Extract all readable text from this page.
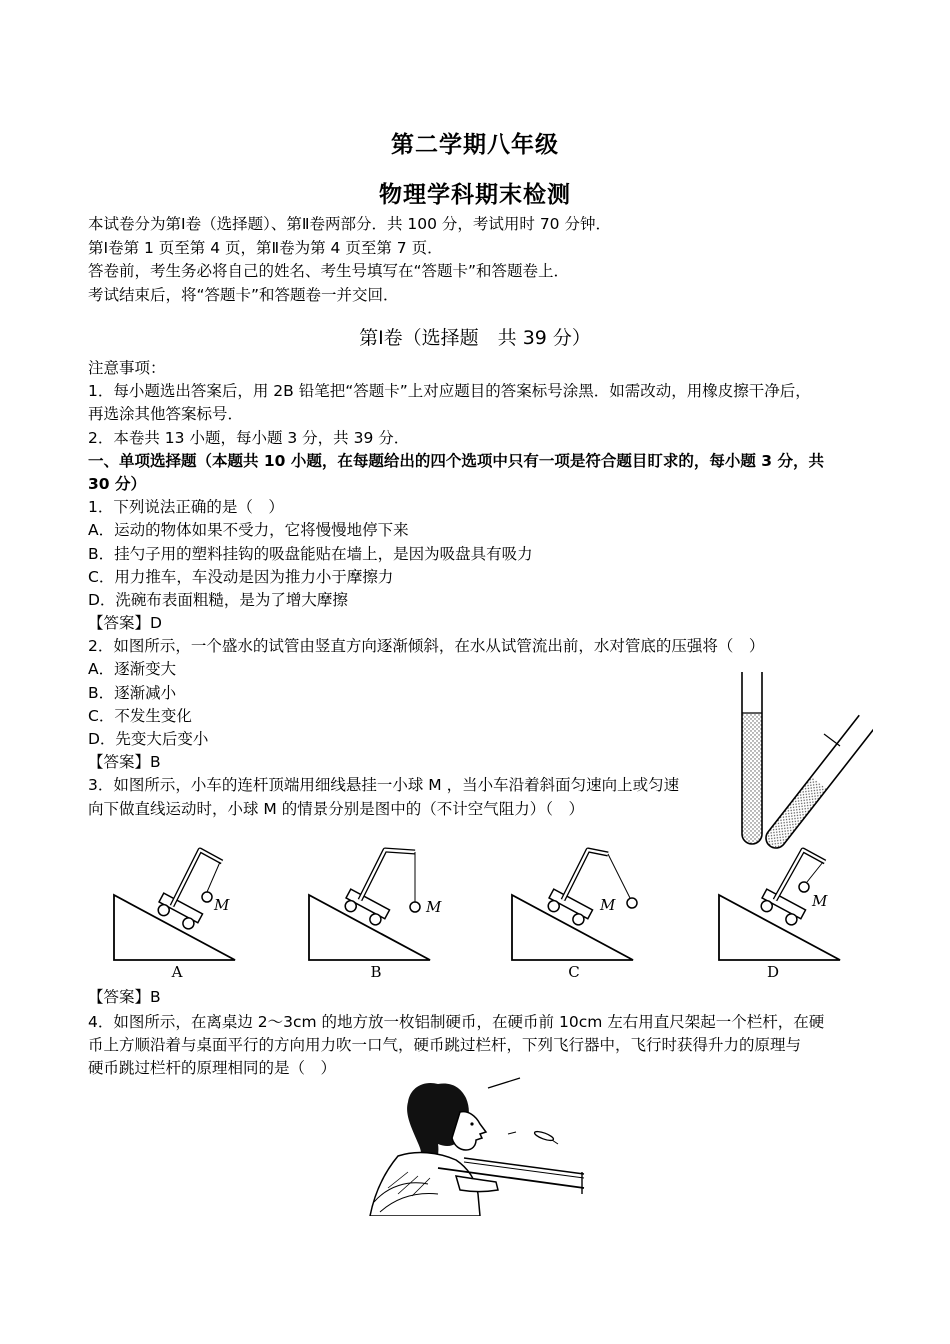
第二学期八年级
物理学科期末检测
本试卷分为第Ⅰ卷（选择题）、第Ⅱ卷两部分．共 100 分，考试用时 70 分钟．
第Ⅰ卷第 1 页至第 4 页，第Ⅱ卷为第 4 页至第 7 页．
答卷前，考生务必将自己的姓名、考生号填写在“答题卡”和答题卷上．
考试结束后，将“答题卡”和答题卷一并交回．
第Ⅰ卷（选择题　共 39 分）
注意事项：
1．每小题选出答案后，用 2B 铅笔把“答题卡”上对应题目的答案标号涂黑．如需改动，用橡皮擦干净后，
再选涂其他答案标号．
2．本卷共 13 小题，每小题 3 分，共 39 分．
一、单项选择题（本题共 10 小题，在每题给出的四个选项中只有一项是符合题目盯求的，每小题 3 分，共
30 分）
1．下列说法正确的是（　）
A．运动的物体如果不受力，它将慢慢地停下来
B．挂勺子用的塑料挂钩的吸盘能贴在墙上，是因为吸盘具有吸力
C．用力推车，车没动是因为推力小于摩擦力
D．洗碗布表面粗糙，是为了增大摩擦
【答案】D
2．如图所示，一个盛水的试管由竖直方向逐渐倾斜，在水从试管流出前，水对管底的压强将（　）
A．逐渐变大
B．逐渐减小
C．不发生变化
D．先变大后变小
【答案】B
3．如图所示，小车的连杆顶端用细线悬挂一小球 M ，当小车沿着斜面匀速向上或匀速
向下做直线运动时，小球 M 的情景分别是图中的（不计空气阻力）（　）
M	M	M	M
A	B	C	D
【答案】B
4．如图所示，在离桌边 2～3cm 的地方放一枚铝制硬币，在硬币前 10cm 左右用直尺架起一个栏杆，在硬
币上方顺沿着与桌面平行的方向用力吹一口气，硬币跳过栏杆，下列飞行器中，飞行时获得升力的原理与
硬币跳过栏杆的原理相同的是（　）
